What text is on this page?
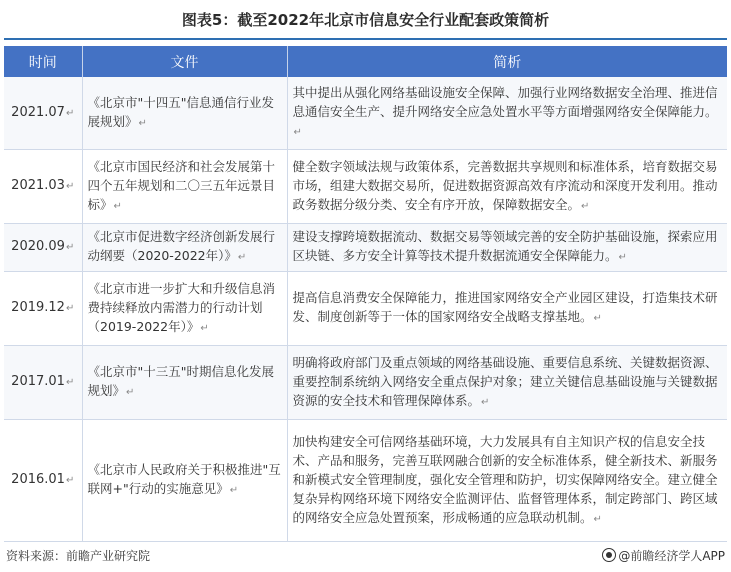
图表5：截至2022年北京市信息安全行业配套政策简析
时间	文件	简析
2021.07↵	《北京市"十四五"信息通信行业发展规划》↵	其中提出从强化网络基础设施安全保障、加强行业网络数据安全治理、推进信息通信安全生产、提升网络安全应急处置水平等方面增强网络安全保障能力。↵
2021.03↵	《北京市国民经济和社会发展第十四个五年规划和二〇三五年远景目标》↵	健全数字领域法规与政策体系，完善数据共享规则和标准体系，培育数据交易市场，组建大数据交易所，促进数据资源高效有序流动和深度开发利用。推动政务数据分级分类、安全有序开放，保障数据安全。↵
2020.09↵	《北京市促进数字经济创新发展行动纲要（2020-2022年）》↵	建设支撑跨境数据流动、数据交易等领域完善的安全防护基础设施，探索应用区块链、多方安全计算等技术提升数据流通安全保障能力。↵
2019.12↵	《北京市进一步扩大和升级信息消费持续释放内需潜力的行动计划（2019-2022年）》↵	提高信息消费安全保障能力，推进国家网络安全产业园区建设，打造集技术研发、制度创新等于一体的国家网络安全战略支撑基地。↵
2017.01↵	《北京市"十三五"时期信息化发展规划》↵	明确将政府部门及重点领域的网络基础设施、重要信息系统、关键数据资源、重要控制系统纳入网络安全重点保护对象；建立关键信息基础设施与关键数据资源的安全技术和管理保障体系。↵
2016.01↵	《北京市人民政府关于积极推进"互联网+"行动的实施意见》↵	加快构建安全可信网络基础环境，大力发展具有自主知识产权的信息安全技术、产品和服务，完善互联网融合创新的安全标准体系，健全新技术、新服务和新模式安全管理制度，强化安全管理和防护，切实保障网络安全。建立健全复杂异构网络环境下网络安全监测评估、监督管理体系，制定跨部门、跨区域的网络安全应急处置预案，形成畅通的应急联动机制。↵
资料来源：前瞻产业研究院	@前瞻经济学人APP
